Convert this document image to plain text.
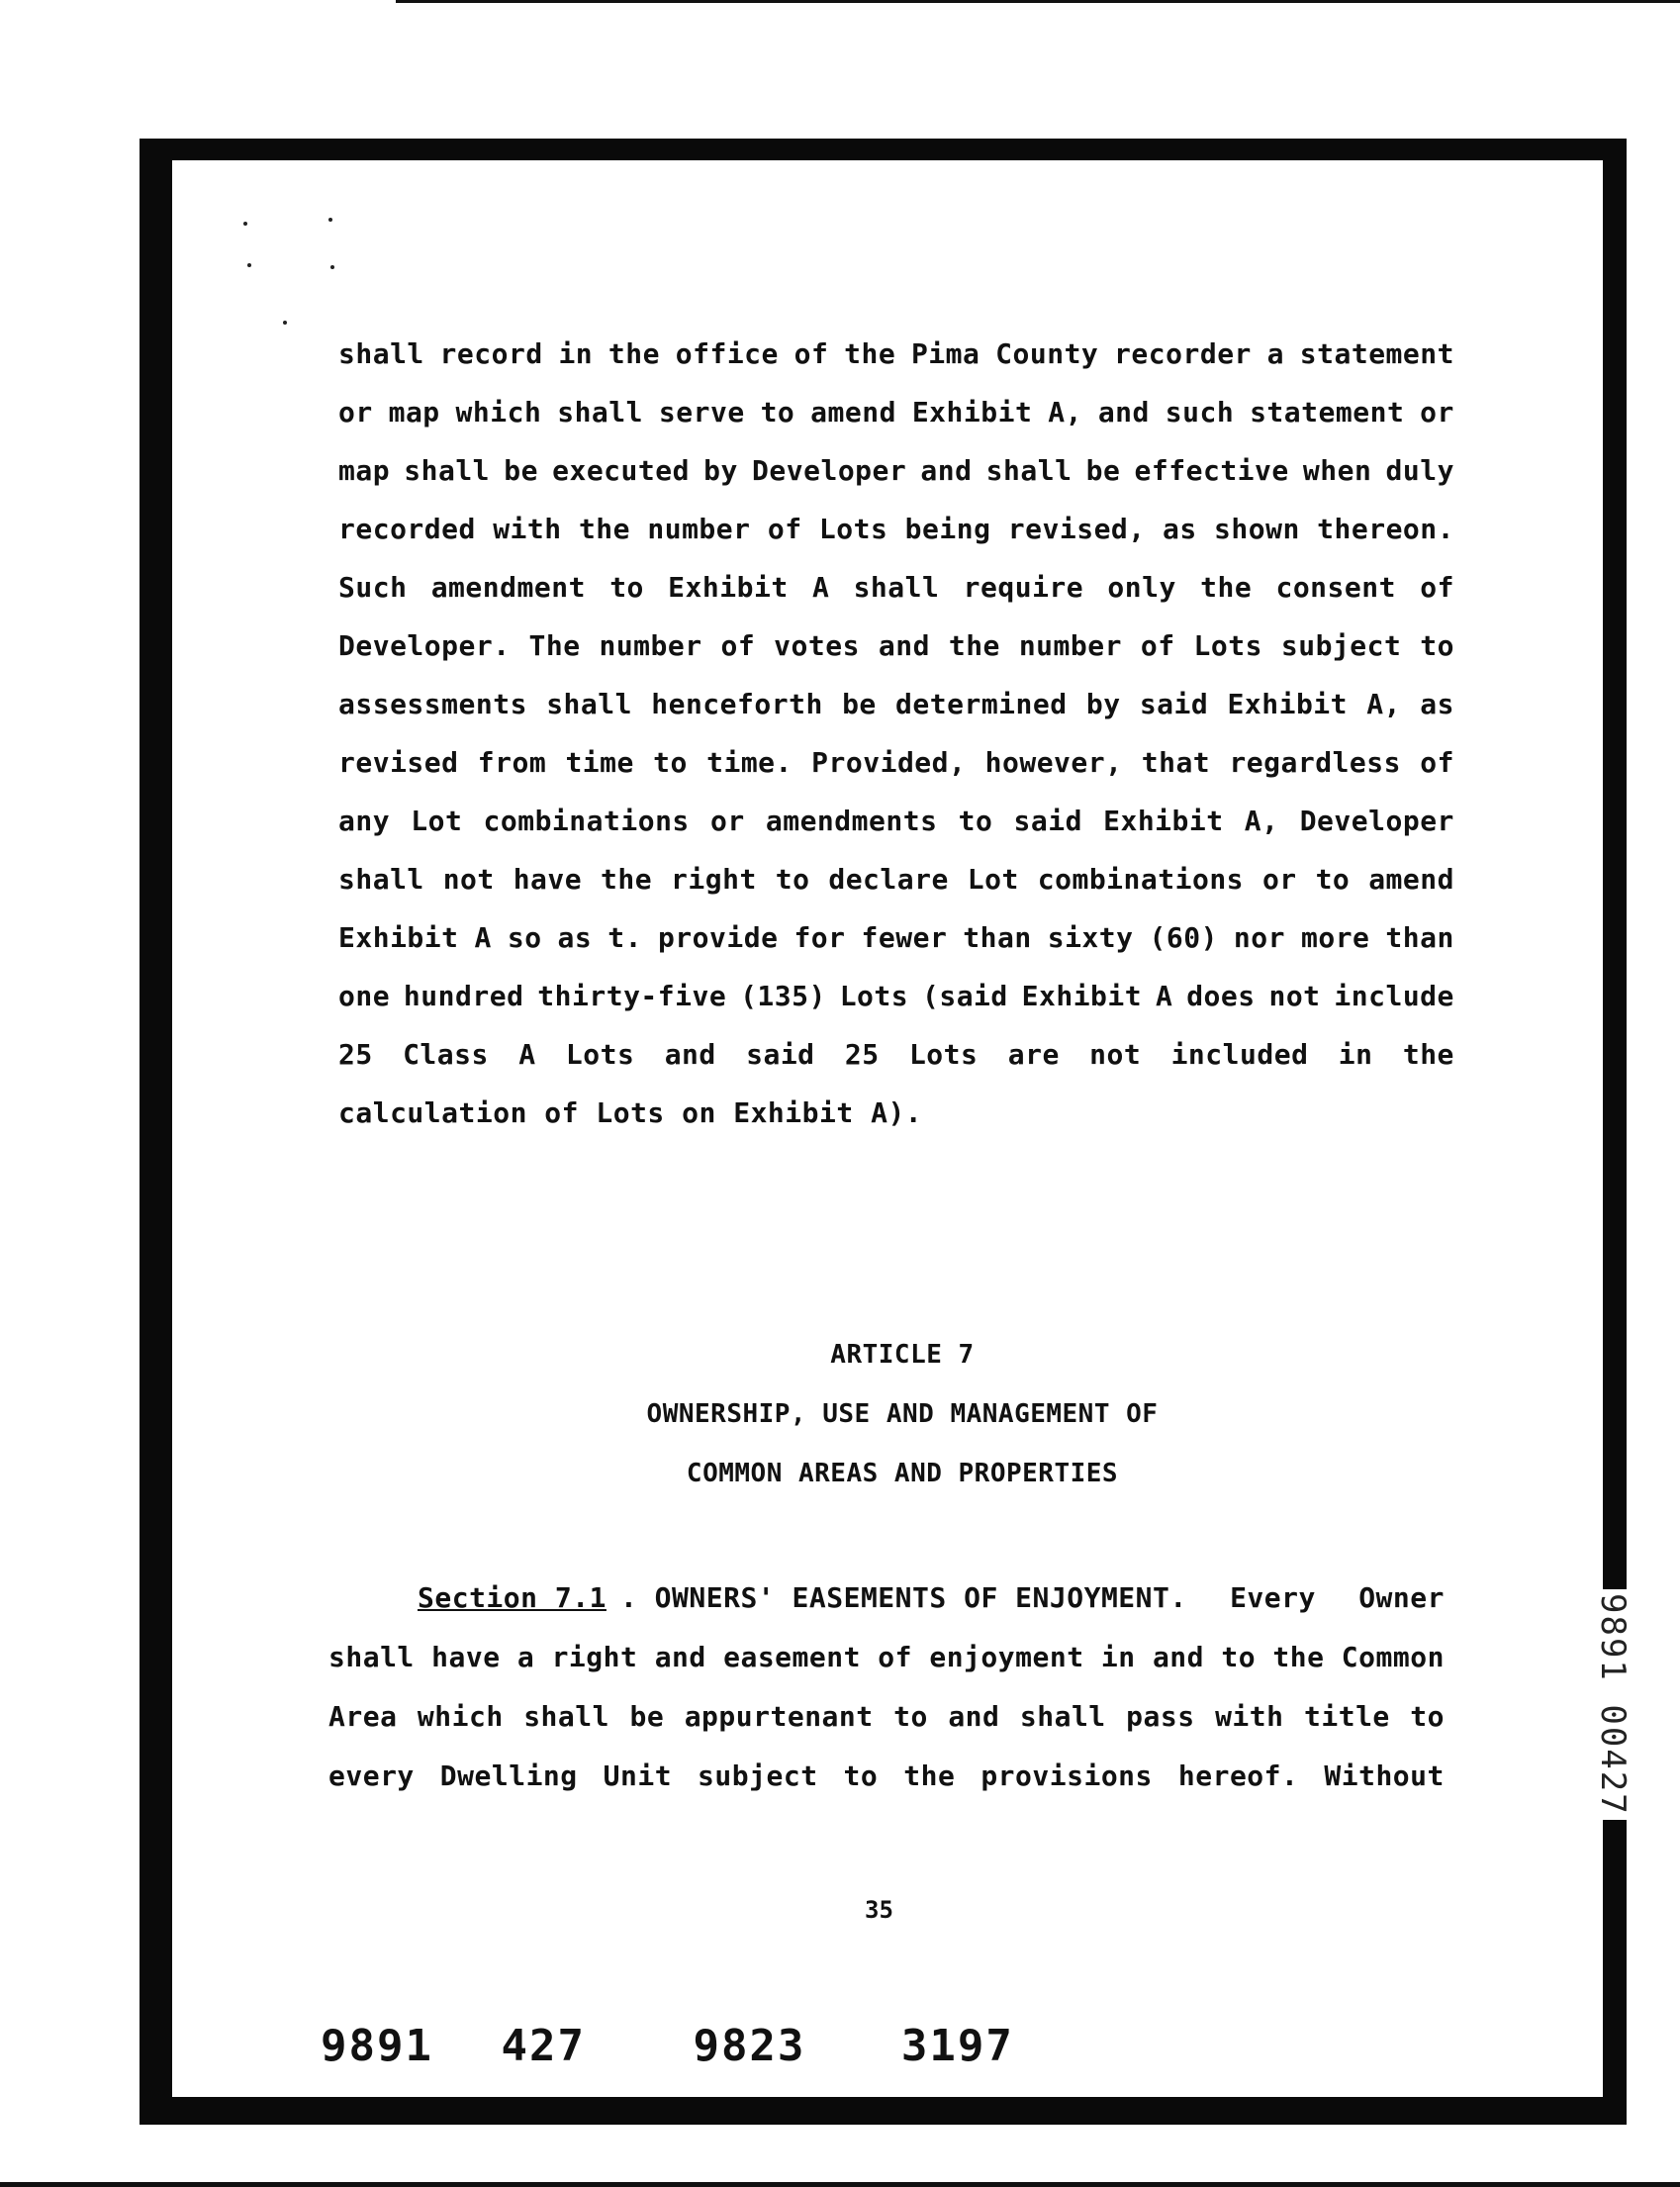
shall record in the office of the Pima County recorder a statement
or map which shall serve to amend Exhibit A, and such statement or
map shall be executed by Developer and shall be effective when duly
recorded with the number of Lots being revised, as shown thereon.
Such amendment to Exhibit A shall require only the consent of
Developer. The number of votes and the number of Lots subject to
assessments shall henceforth be determined by said Exhibit A, as
revised from time to time. Provided, however, that regardless of
any Lot combinations or amendments to said Exhibit A, Developer
shall not have the right to declare Lot combinations or to amend
Exhibit A so as t. provide for fewer than sixty (60) nor more than
one hundred thirty-five (135) Lots (said Exhibit A does not include
25 Class A Lots and said 25 Lots are not included in the
calculation of Lots on Exhibit A).
ARTICLE 7
OWNERSHIP, USE AND MANAGEMENT OF
COMMON AREAS AND PROPERTIES
Section 7.1 . OWNERS' EASEMENTS OF ENJOYMENT. Every Owner
shall have a right and easement of enjoyment in and to the Common
Area which shall be appurtenant to and shall pass with title to
every Dwelling Unit subject to the provisions hereof. Without
35
9891 427 9823 3197
9891 00427
